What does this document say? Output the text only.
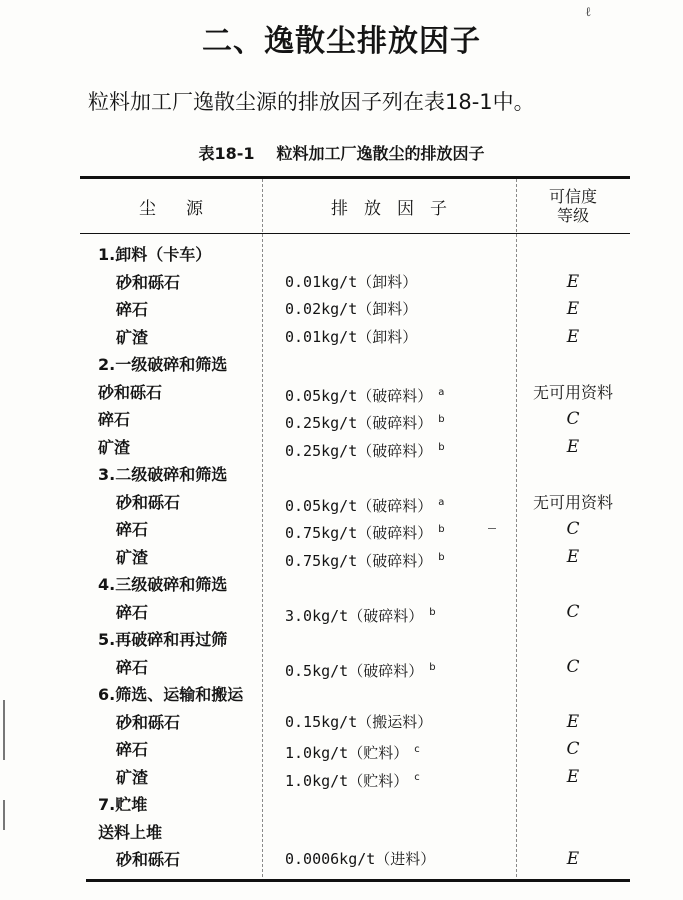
ℓ
二、逸散尘排放因子
粒料加工厂逸散尘源的排放因子列在表18-1中。
表18-1 粒料加工厂逸散尘的排放因子
尘源	排放因子
可信度
等级
1.卸料（卡车）
砂和砾石	0.01kg/t（卸料）	E
碎石	0.02kg/t（卸料）	E
矿渣	0.01kg/t（卸料）	E
2.一级破碎和筛选
砂和砾石	0.05kg/t（破碎料） $^a$	无可用资料
碎石	0.25kg/t（破碎料） $^b$	C
矿渣	0.25kg/t（破碎料） $^b$	E
3.二级破碎和筛选
砂和砾石	0.05kg/t（破碎料） $^a$	无可用资料
碎石	0.75kg/t（破碎料） $^b$	C
矿渣	0.75kg/t（破碎料） $^b$	E
4.三级破碎和筛选
碎石	3.0kg/t（破碎料） $^b$	C
5.再破碎和再过筛
碎石	0.5kg/t（破碎料） $^b$	C
6.筛选、运输和搬运
砂和砾石	0.15kg/t（搬运料）	E
碎石	1.0kg/t（贮料） $^c$	C
矿渣	1.0kg/t（贮料） $^c$	E
7.贮堆
送料上堆
砂和砾石	0.0006kg/t（进料）	E
